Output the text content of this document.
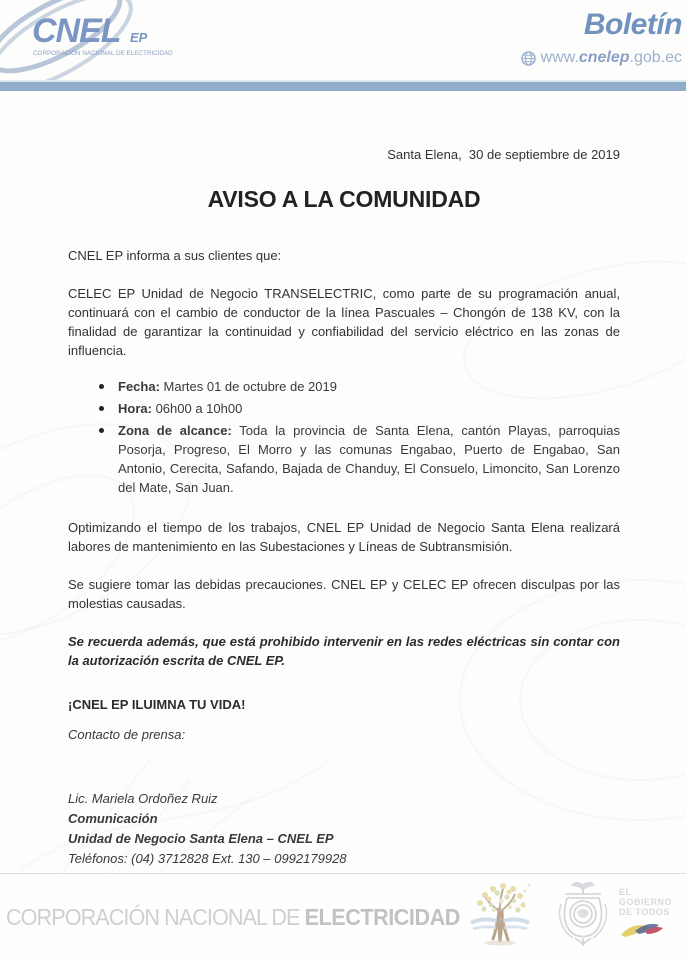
CNEL EP
CORPORACIÓN NACIONAL DE ELECTRICIDAD
Boletín
www.cnelep.gob.ec
Santa Elena,  30 de septiembre de 2019
AVISO A LA COMUNIDAD

CNEL EP informa a sus clientes que:

CELEC EP Unidad de Negocio TRANSELECTRIC, como parte de su programación anual, continuará con el cambio de conductor de la línea Pascuales – Chongón de 138 KV, con la finalidad de garantizar la continuidad y confiabilidad del servicio eléctrico en las zonas de influencia.

Fecha: Martes 01 de octubre de 2019
Hora: 06h00 a 10h00
Zona de alcance: Toda la provincia de Santa Elena, cantón Playas, parroquias Posorja, Progreso, El Morro y las comunas Engabao, Puerto de Engabao, San Antonio, Cerecita, Safando, Bajada de Chanduy, El Consuelo, Limoncito, San Lorenzo del Mate, San Juan.

Optimizando el tiempo de los trabajos, CNEL EP Unidad de Negocio Santa Elena realizará labores de mantenimiento en las Subestaciones y Líneas de Subtransmisión.

Se sugiere tomar las debidas precauciones. CNEL EP y CELEC EP ofrecen disculpas por las molestias causadas.

Se recuerda además, que está prohibido intervenir en las redes eléctricas sin contar con la autorización escrita de CNEL EP.

¡CNEL EP ILUIMNA TU VIDA!
Contacto de prensa:
Lic. Mariela Ordoñez Ruiz
Comunicación
Unidad de Negocio Santa Elena – CNEL EP
Teléfonos: (04) 3712828 Ext. 130 – 0992179928
CORPORACIÓN NACIONAL DE ELECTRICIDAD
EL
GOBIERNO
DE TODOS
